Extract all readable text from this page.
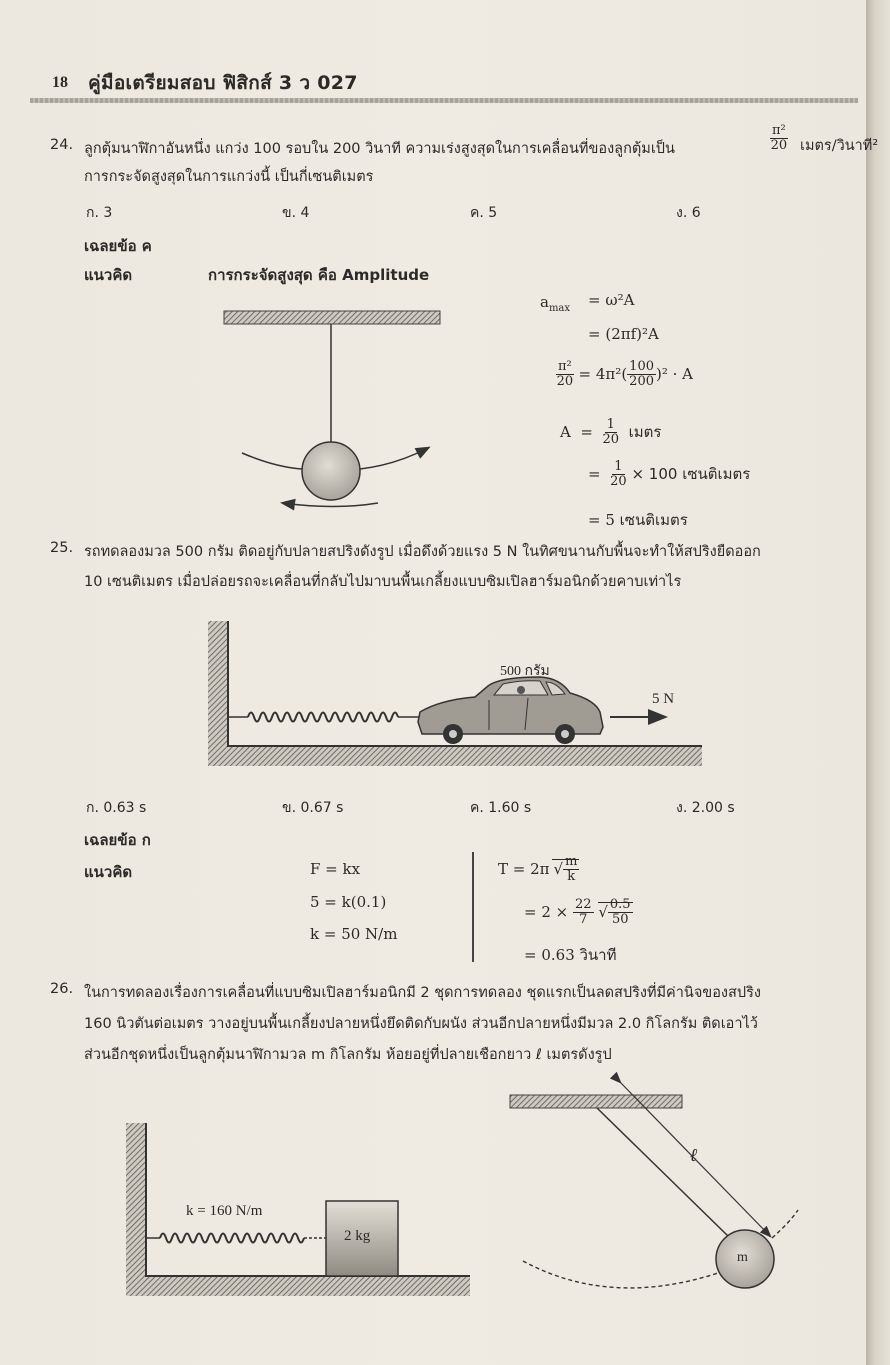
18 คู่มือเตรียมสอบ ฟิสิกส์ 3 ว 027
24. ลูกตุ้มนาฬิกาอันหนึ่ง แกว่ง 100 รอบใน 200 วินาที ความเร่งสูงสุดในการเคลื่อนที่ของลูกตุ้มเป็น	$\frac{\text{π²}}{20}$ เมตร/วินาที²
การกระจัดสูงสุดในการแกว่งนี้ เป็นกี่เซนติเมตร
ก. 3	ข. 4	ค. 5	ง. 6
เฉลยข้อ ค
แนวคิด	การกระจัดสูงสุด คือ Amplitude
$a_{max} = \omega^2A$
= (2πf)²A
$\frac{\text{π²}}{20} = 4\pi^2( \frac{100}{200} )^2 \cdot A$
$A = \frac{1}{20}$ เมตร
= $\frac{1}{20} \times 100$ เซนติเมตร
= 5 เซนติเมตร
25. รถทดลองมวล 500 กรัม ติดอยู่กับปลายสปริงดังรูป เมื่อดึงด้วยแรง 5 N ในทิศขนานกับพื้นจะทำให้สปริงยืดออก
10 เซนติเมตร เมื่อปล่อยรถจะเคลื่อนที่กลับไปมาบนพื้นเกลี้ยงแบบซิมเปิลฮาร์มอนิกด้วยคาบเท่าไร
500 กรัม
5 N
ก. 0.63 s	ข. 0.67 s	ค. 1.60 s	ง. 2.00 s
เฉลยข้อ ก
แนวคิด	F = kx
5 = k(0.1)
k = 50 N/m
T = 2π √ $\frac{m}{k}$
= $2 \times \frac{22}{7}$ √ $\frac{0.5}{50}$
= 0.63 วินาที
26. ในการทดลองเรื่องการเคลื่อนที่แบบซิมเปิลฮาร์มอนิกมี 2 ชุดการทดลอง ชุดแรกเป็นลดสปริงที่มีค่านิจของสปริง
160 นิวตันต่อเมตร วางอยู่บนพื้นเกลี้ยงปลายหนึ่งยึดติดกับผนัง ส่วนอีกปลายหนึ่งมีมวล 2.0 กิโลกรัม ติดเอาไว้
ส่วนอีกชุดหนึ่งเป็นลูกตุ้มนาฬิกามวล m กิโลกรัม ห้อยอยู่ที่ปลายเชือกยาว ℓ เมตรดังรูป
k = 160 N/m
2 kg
ℓ
m
